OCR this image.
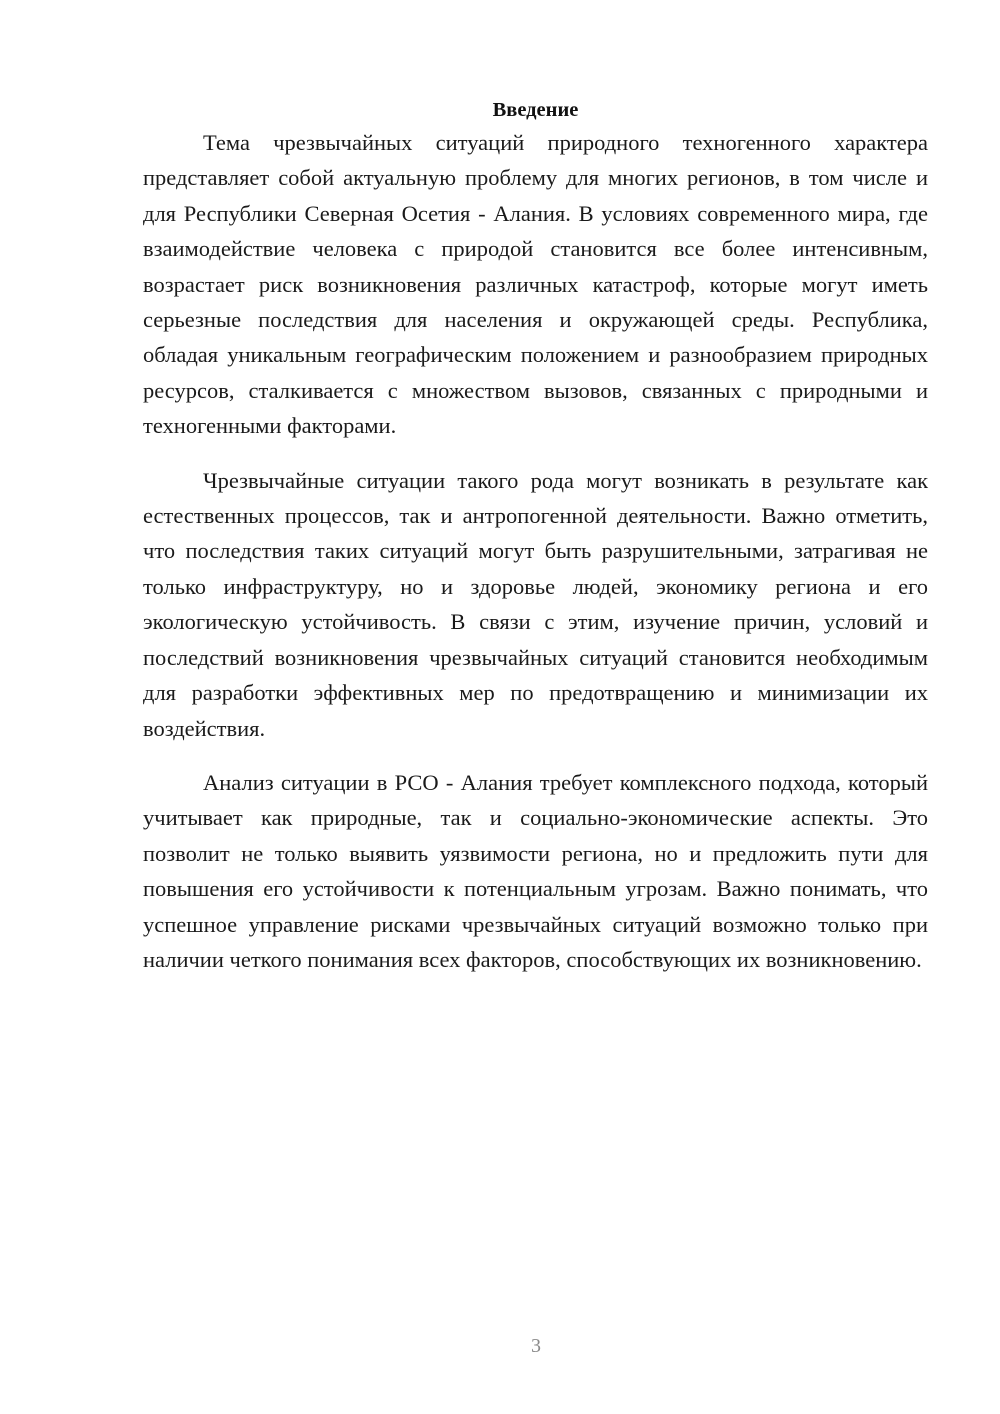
Введение

Тема чрезвычайных ситуаций природного техногенного характера представляет собой актуальную проблему для многих регионов, в том числе и для Республики Северная Осетия - Алания. В условиях современного мира, где взаимодействие человека с природой становится все более интенсивным, возрастает риск возникновения различных катастроф, которые могут иметь серьезные последствия для населения и окружающей среды. Республика, обладая уникальным географическим положением и разнообразием природных ресурсов, сталкивается с множеством вызовов, связанных с природными и техногенными факторами.

Чрезвычайные ситуации такого рода могут возникать в результате как естественных процессов, так и антропогенной деятельности. Важно отметить, что последствия таких ситуаций могут быть разрушительными, затрагивая не только инфраструктуру, но и здоровье людей, экономику региона и его экологическую устойчивость. В связи с этим, изучение причин, условий и последствий возникновения чрезвычайных ситуаций становится необходимым для разработки эффективных мер по предотвращению и минимизации их воздействия.

Анализ ситуации в РСО - Алания требует комплексного подхода, который учитывает как природные, так и социально-экономические аспекты. Это позволит не только выявить уязвимости региона, но и предложить пути для повышения его устойчивости к потенциальным угрозам. Важно понимать, что успешное управление рисками чрезвычайных ситуаций возможно только при наличии четкого понимания всех факторов, способствующих их возникновению.

3
